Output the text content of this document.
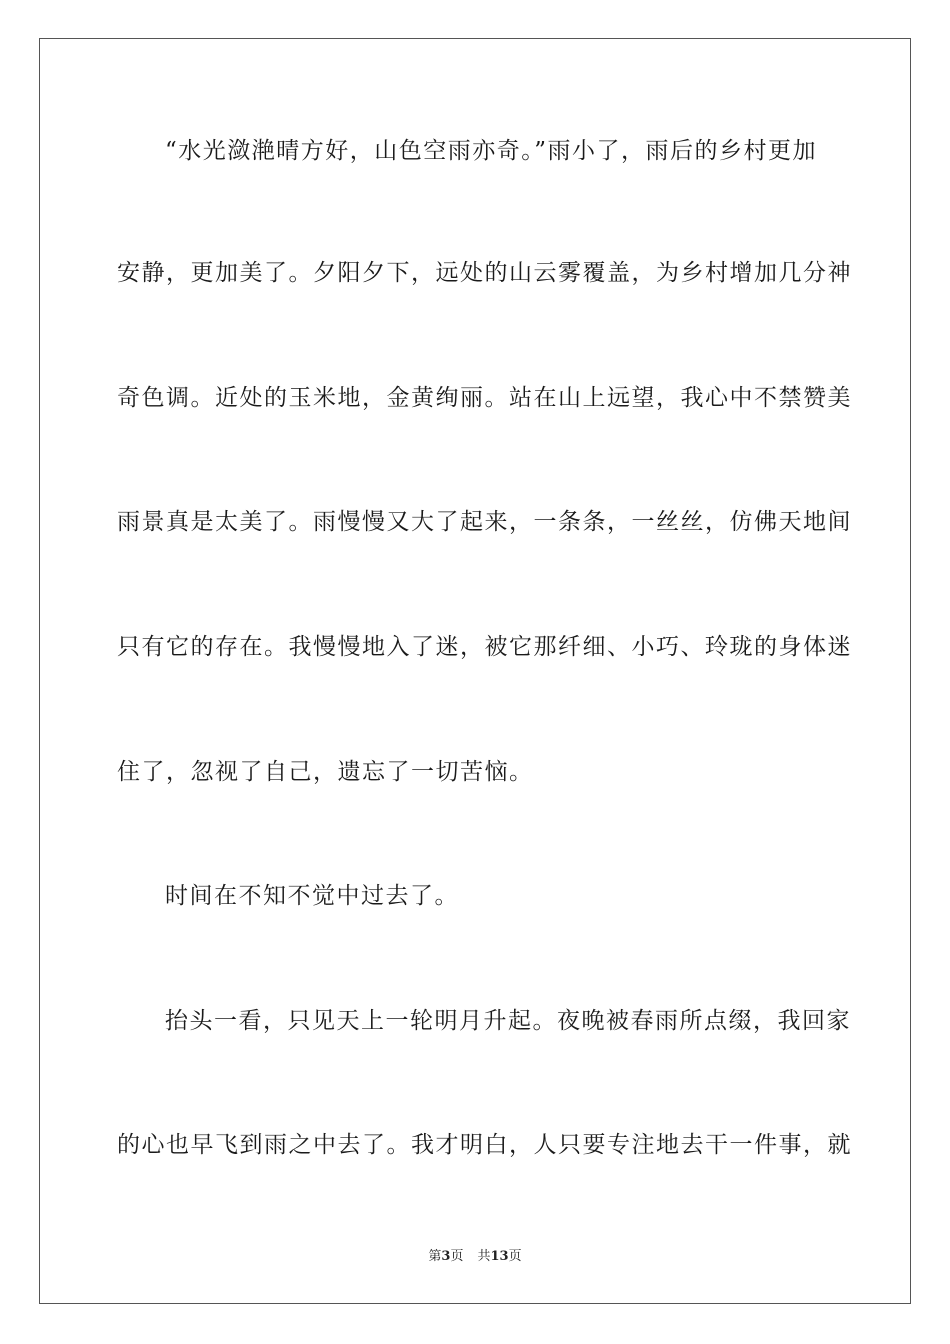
“水光潋滟晴方好，山色空雨亦奇。”雨小了，雨后的乡村更加
安静，更加美了。夕阳夕下，远处的山云雾覆盖，为乡村增加几分神
奇色调。近处的玉米地，金黄绚丽。站在山上远望，我心中不禁赞美
雨景真是太美了。雨慢慢又大了起来，一条条，一丝丝，仿佛天地间
只有它的存在。我慢慢地入了迷，被它那纤细、小巧、玲珑的身体迷
住了，忽视了自己，遗忘了一切苦恼。
时间在不知不觉中过去了。
抬头一看，只见天上一轮明月升起。夜晚被春雨所点缀，我回家
的心也早飞到雨之中去了。我才明白，人只要专注地去干一件事，就
第3页 共13页
